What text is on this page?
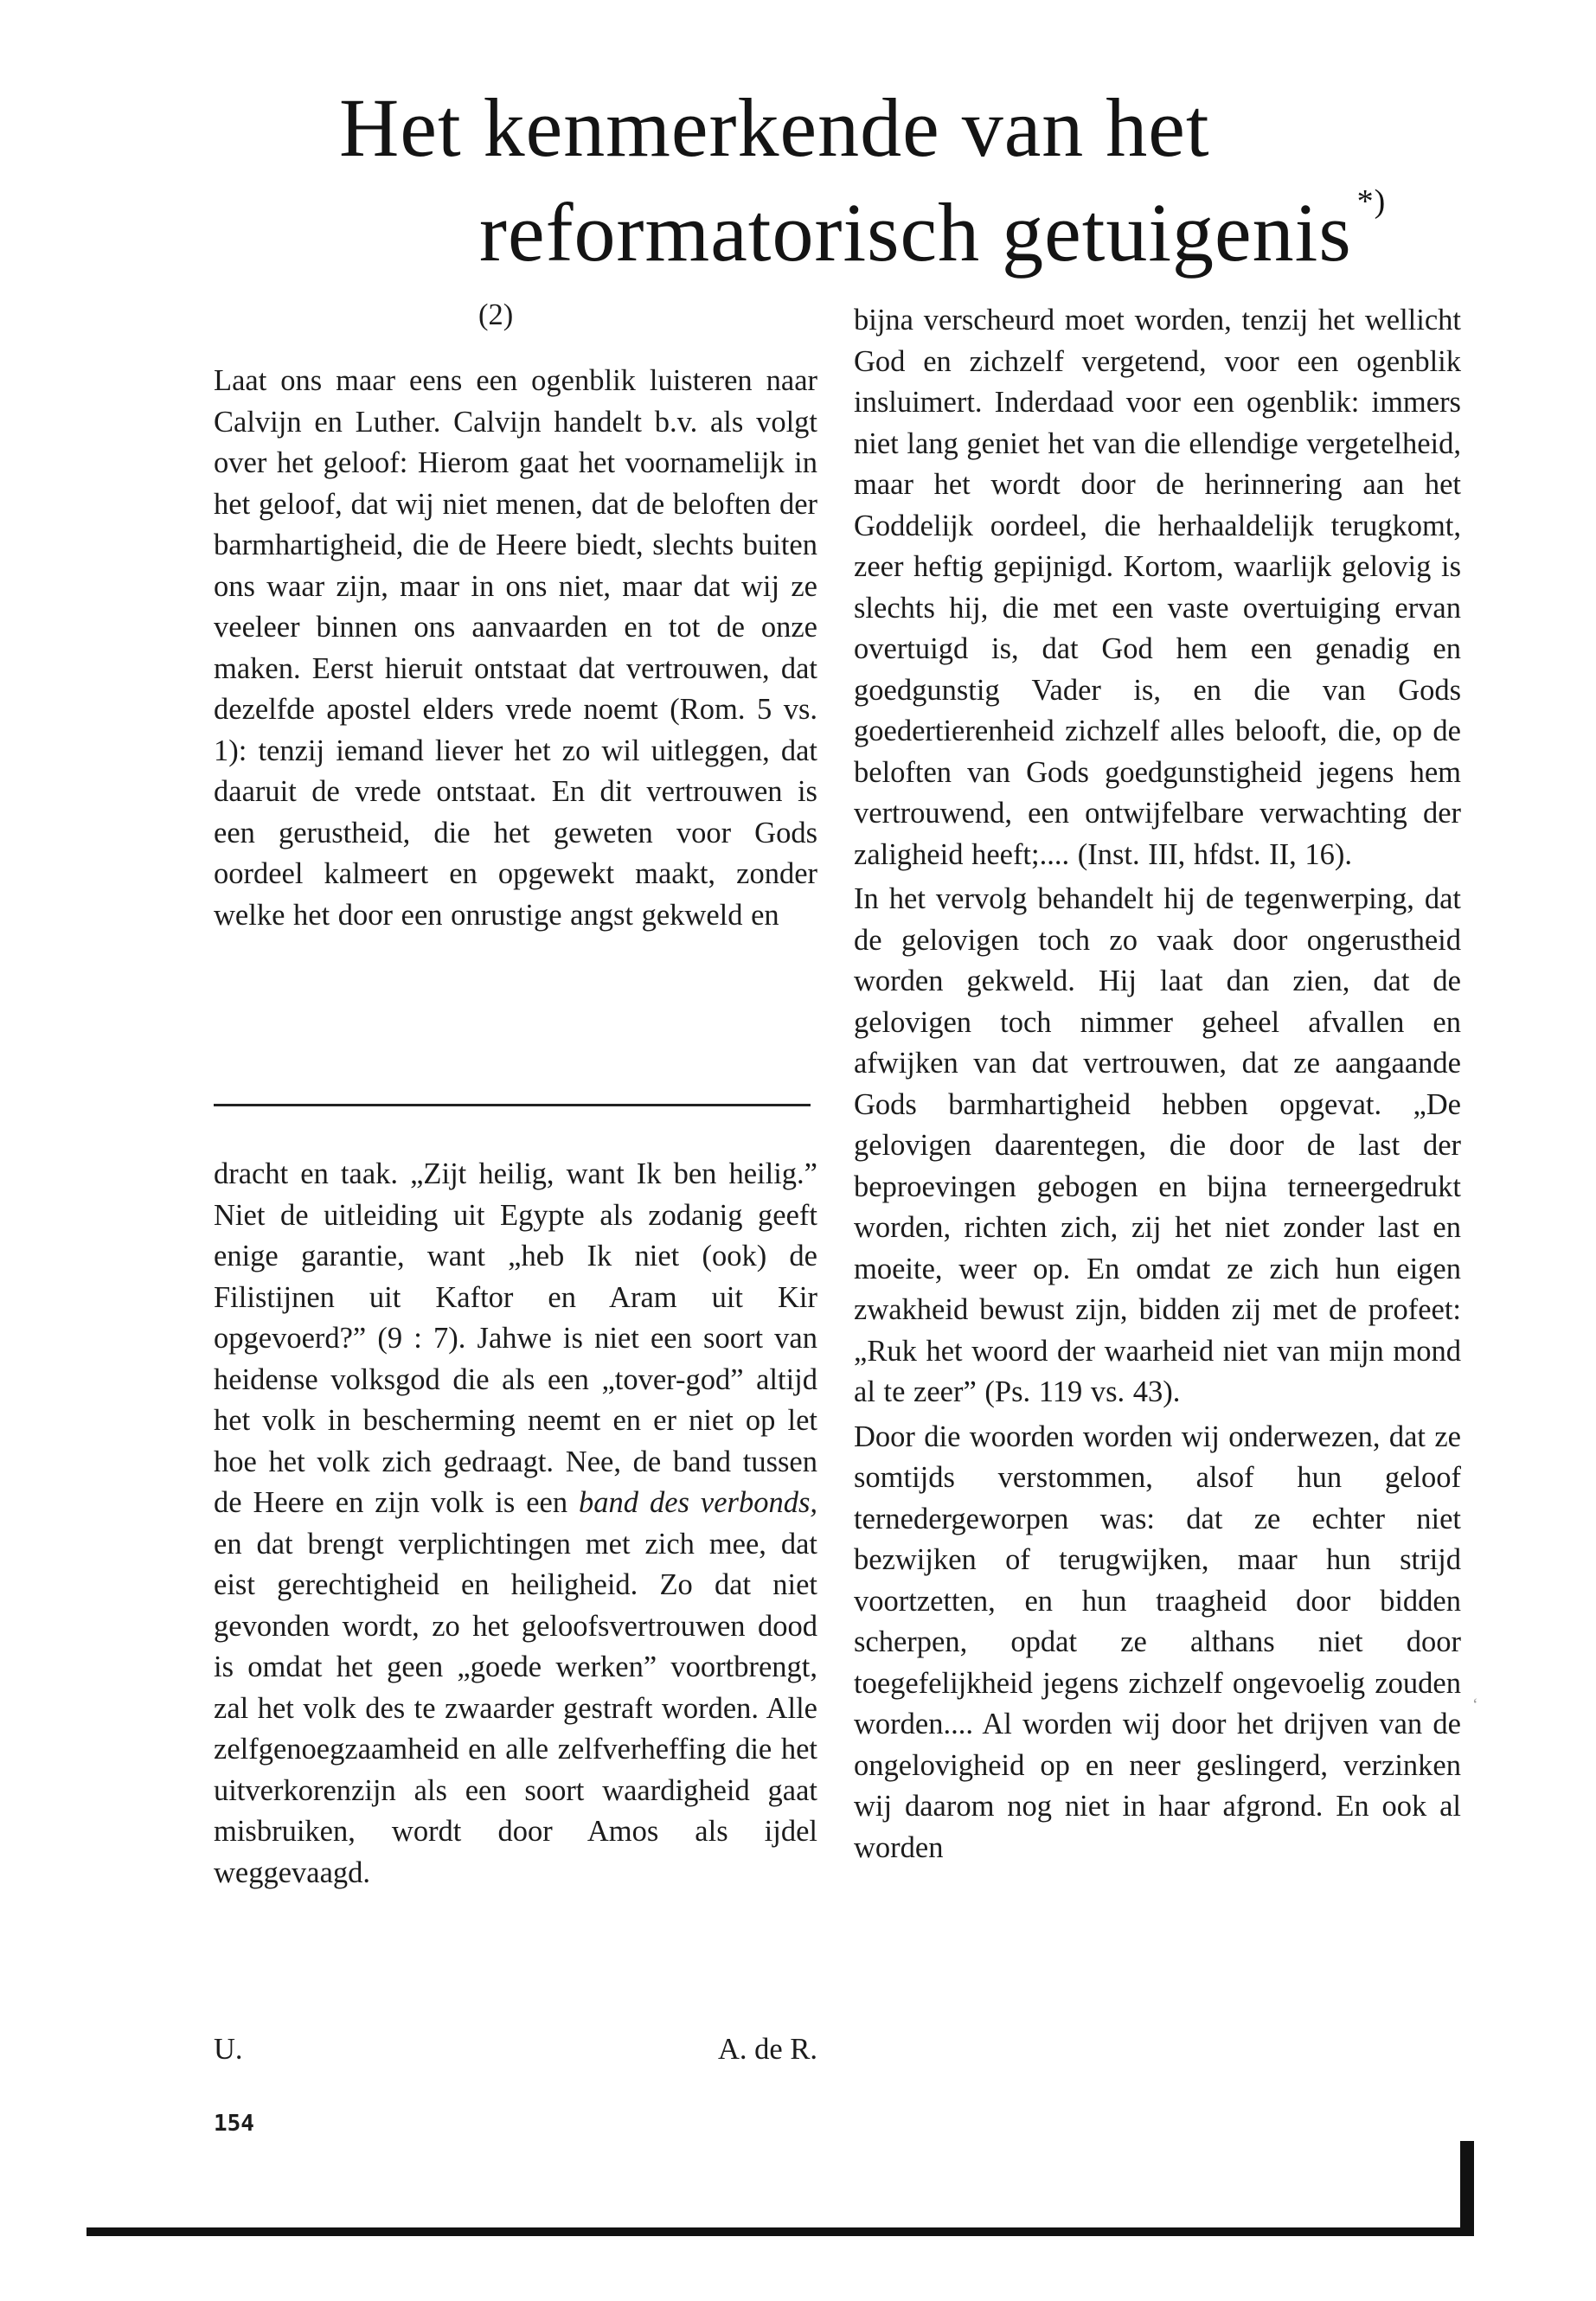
Het kenmerkende van het
reformatorisch getuigenis *)
(2)

Laat ons maar eens een ogenblik luisteren naar Calvijn en Luther. Calvijn handelt b.v. als volgt over het geloof: Hierom gaat het voornamelijk in het geloof, dat wij niet menen, dat de beloften der barmhartigheid, die de Heere biedt, slechts buiten ons waar zijn, maar in ons niet, maar dat wij ze veeleer binnen ons aanvaarden en tot de onze maken. Eerst hieruit ontstaat dat vertrouwen, dat dezelfde apostel elders vrede noemt (Rom. 5 vs. 1): tenzij iemand liever het zo wil uitleggen, dat daaruit de vrede ontstaat. En dit vertrouwen is een gerustheid, die het geweten voor Gods oordeel kalmeert en opgewekt maakt, zonder welke het door een onrustige angst gekweld en

dracht en taak. „Zijt heilig, want Ik ben heilig.” Niet de uitleiding uit Egypte als zodanig geeft enige garantie, want „heb Ik niet (ook) de Filistijnen uit Kaftor en Aram uit Kir opgevoerd?” (9 : 7). Jahwe is niet een soort van heidense volksgod die als een „tover-god” altijd het volk in bescherming neemt en er niet op let hoe het volk zich gedraagt. Nee, de band tussen de Heere en zijn volk is een band des verbonds, en dat brengt verplichtingen met zich mee, dat eist gerechtigheid en heiligheid. Zo dat niet gevonden wordt, zo het geloofsvertrouwen dood is omdat het geen „goede werken” voortbrengt, zal het volk des te zwaarder gestraft worden. Alle zelfgenoegzaamheid en alle zelfverheffing die het uitverkorenzijn als een soort waardigheid gaat misbruiken, wordt door Amos als ijdel weggevaagd.

U.	A. de R.
154

bijna verscheurd moet worden, tenzij het wellicht God en zichzelf vergetend, voor een ogenblik insluimert. Inderdaad voor een ogenblik: immers niet lang geniet het van die ellendige vergetelheid, maar het wordt door de herinnering aan het Goddelijk oordeel, die herhaaldelijk terugkomt, zeer heftig gepijnigd. Kortom, waarlijk gelovig is slechts hij, die met een vaste overtuiging ervan overtuigd is, dat God hem een genadig en goedgunstig Vader is, en die van Gods goedertierenheid zichzelf alles belooft, die, op de beloften van Gods goedgunstigheid jegens hem vertrouwend, een ontwijfelbare verwachting der zaligheid heeft;.... (Inst. III, hfdst. II, 16).

In het vervolg behandelt hij de tegenwerping, dat de gelovigen toch zo vaak door ongerustheid worden gekweld. Hij laat dan zien, dat de gelovigen toch nimmer geheel afvallen en afwijken van dat vertrouwen, dat ze aangaande Gods barmhartigheid hebben opgevat. „De gelovigen daarentegen, die door de last der beproevingen gebogen en bijna terneergedrukt worden, richten zich, zij het niet zonder last en moeite, weer op. En omdat ze zich hun eigen zwakheid bewust zijn, bidden zij met de profeet: „Ruk het woord der waarheid niet van mijn mond al te zeer” (Ps. 119 vs. 43).

Door die woorden worden wij onderwezen, dat ze somtijds verstommen, alsof hun geloof ternedergeworpen was: dat ze echter niet bezwijken of terugwijken, maar hun strijd voortzetten, en hun traagheid door bidden scherpen, opdat ze althans niet door toegefelijkheid jegens zichzelf ongevoelig zouden worden.... Al worden wij door het drijven van de ongelovigheid op en neer geslingerd, verzinken wij daarom nog niet in haar afgrond. En ook al worden

‘
